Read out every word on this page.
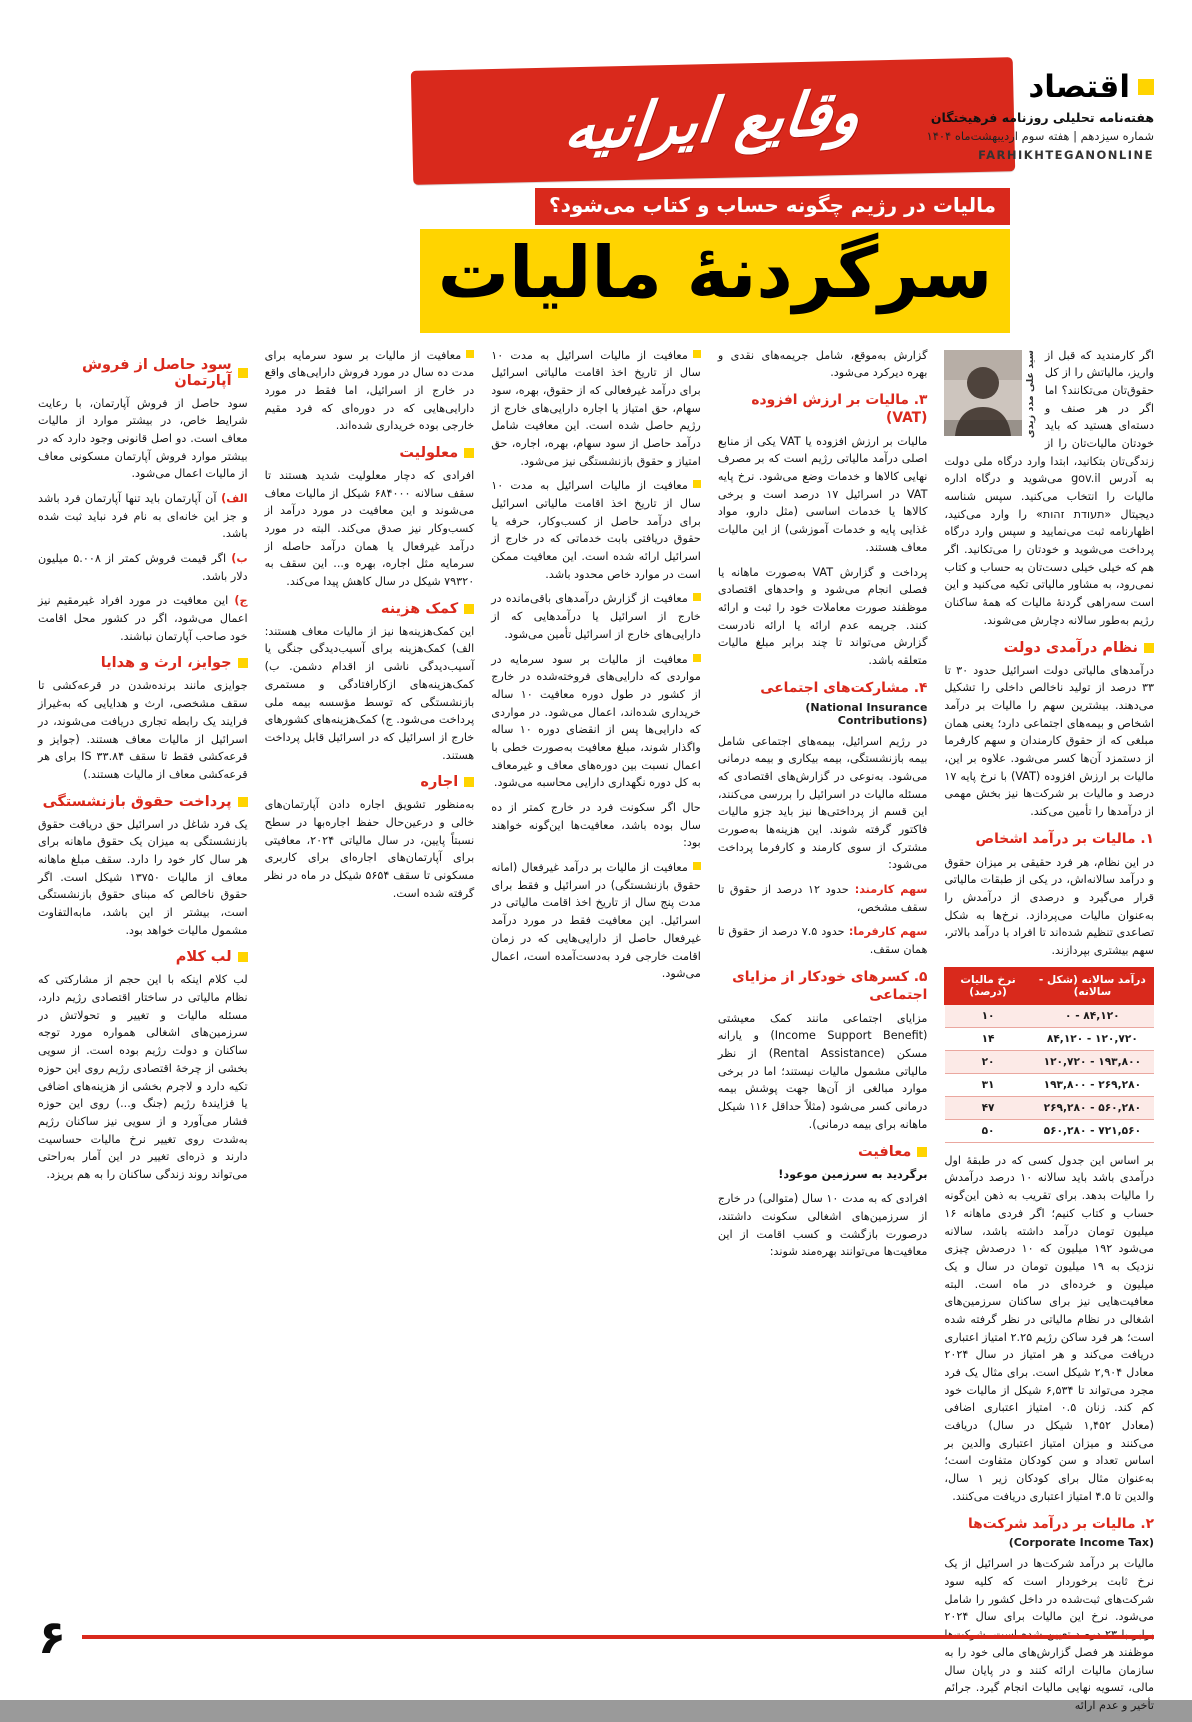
وقایع ایرانیه	اقتصاد
هفته‌نامه تحلیلی روزنامه فرهیختگان
شماره سیزدهم | هفته سوم اردیبهشت‌ماه ۱۴۰۴
FARHIKHTEGANONLINE
مالیات در رژیم چگونه حساب و کتاب می‌شود؟
سرگردنهٔ مالیات

سید علی مدد زیدی اگر کارمندید که قبل از واریز، مالیاتش را از کل حقوق‌تان می‌تکانند؟ اما اگر در هر صنف و دسته‌ای هستید که باید خودتان مالیات‌تان را از زندگی‌تان بتکانید، ابتدا وارد درگاه ملی دولت به آدرس gov.il می‌شوید و درگاه اداره مالیات را انتخاب می‌کنید. سپس شناسه دیجیتال «תעודת זהות» را وارد می‌کنید، اظهارنامه ثبت می‌نمایید و سپس وارد درگاه پرداخت می‌شوید و خودتان را می‌تکانید. اگر هم که خیلی خیلی دست‌تان به حساب و کتاب نمی‌رود، به مشاور مالیاتی تکیه می‌کنید و این است سه‌راهی گردنهٔ مالیات که همهٔ ساکنان رژیم به‌طور سالانه دچارش می‌شوند.

نظام درآمدی دولت

درآمدهای مالیاتی دولت اسرائیل حدود ۳۰ تا ۳۳ درصد از تولید ناخالص داخلی را تشکیل می‌دهند. بیشترین سهم را مالیات بر درآمد اشخاص و بیمه‌های اجتماعی دارد؛ یعنی همان مبلغی که از حقوق کارمندان و سهم کارفرما از دستمزد آن‌ها کسر می‌شود. علاوه بر این، مالیات بر ارزش افزوده (VAT) با نرخ پایه ۱۷ درصد و مالیات بر شرکت‌ها نیز بخش مهمی از درآمدها را تأمین می‌کند.

۱. مالیات بر درآمد اشخاص

در این نظام، هر فرد حقیقی بر میزان حقوق و درآمد سالانه‌اش، در یکی از طبقات مالیاتی قرار می‌گیرد و درصدی از درآمدش را به‌عنوان مالیات می‌پردازد. نرخ‌ها به شکل تصاعدی تنظیم شده‌اند تا افراد با درآمد بالاتر، سهم بیشتری بپردازند.

درآمد سالانه (شکل - سالانه)	نرخ مالیات (درصد)
۸۴,۱۲۰ - ۰	۱۰
۱۲۰,۷۲۰ - ۸۴,۱۲۰	۱۴
۱۹۳,۸۰۰ - ۱۲۰,۷۲۰	۲۰
۲۶۹,۲۸۰ - ۱۹۳,۸۰۰	۳۱
۵۶۰,۲۸۰ - ۲۶۹,۲۸۰	۴۷
۷۲۱,۵۶۰ - ۵۶۰,۲۸۰	۵۰

بر اساس این جدول کسی که در طبقهٔ اول درآمدی باشد باید سالانه ۱۰ درصد درآمدش را مالیات بدهد. برای تقریب به ذهن این‌گونه حساب و کتاب کنیم؛ اگر فردی ماهانه ۱۶ میلیون تومان درآمد داشته باشد، سالانه می‌شود ۱۹۲ میلیون که ۱۰ درصدش چیزی نزدیک به ۱۹ میلیون تومان در سال و یک میلیون و خرده‌ای در ماه است. البته معافیت‌هایی نیز برای ساکنان سرزمین‌های اشغالی در نظام مالیاتی در نظر گرفته شده است؛ هر فرد ساکن رژیم ۲.۲۵ امتیاز اعتباری دریافت می‌کند و هر امتیاز در سال ۲۰۲۴ معادل ۲,۹۰۴ شیکل است. برای مثال یک فرد مجرد می‌تواند تا ۶,۵۳۴ شیکل از مالیات خود کم کند. زنان ۰.۵ امتیاز اعتباری اضافی (معادل ۱,۴۵۲ شیکل در سال) دریافت می‌کنند و میزان امتیاز اعتباری والدین بر اساس تعداد و سن کودکان متفاوت است؛ به‌عنوان مثال برای کودکان زیر ۱ سال، والدین تا ۴.۵ امتیاز اعتباری دریافت می‌کنند.

۲. مالیات بر درآمد شرکت‌ها
(Corporate Income Tax)

مالیات بر درآمد شرکت‌ها در اسرائیل از یک نرخ ثابت برخوردار است که کلیه سود شرکت‌های ثبت‌شده در داخل کشور را شامل می‌شود. نرخ این مالیات برای سال ۲۰۲۴ موظفند هر فصل گزارش‌های مالی خود را به سازمان مالیات ارائه کنند و در پایان سال مالی، تسویه نهایی مالیات انجام گیرد. جرائم تأخیر و عدم ارائه

گزارش به‌موقع، شامل جریمه‌های نقدی و بهره دیرکرد می‌شود.

۳. مالیات بر ارزش افزوده (VAT)

مالیات بر ارزش افزوده یا VAT یکی از منابع اصلی درآمد مالیاتی رژیم است که بر مصرف نهایی کالاها و خدمات وضع می‌شود. نرخ پایه VAT در اسرائیل ۱۷ درصد است و برخی کالاها یا خدمات اساسی (مثل دارو، مواد غذایی پایه و خدمات آموزشی) از این مالیات معاف هستند.

پرداخت و گزارش VAT به‌صورت ماهانه یا فصلی انجام می‌شود و واحدهای اقتصادی موظفند صورت معاملات خود را ثبت و ارائه کنند. جریمه عدم ارائه یا ارائه نادرست گزارش می‌تواند تا چند برابر مبلغ مالیات متعلقه باشد.

۴. مشارکت‌های اجتماعی
(National Insurance Contributions)

در رژیم اسرائیل، بیمه‌های اجتماعی شامل بیمه بازنشستگی، بیمه بیکاری و بیمه درمانی می‌شود. به‌نوعی در گزارش‌های اقتصادی که مسئله مالیات در اسرائیل را بررسی می‌کنند، این قسم از پرداختی‌ها نیز باید جزو مالیات فاکتور گرفته شوند. این هزینه‌ها به‌صورت مشترک از سوی کارمند و کارفرما پرداخت می‌شود:

سهم کارمند: حدود ۱۲ درصد از حقوق تا سقف مشخص،

سهم کارفرما: حدود ۷.۵ درصد از حقوق تا همان سقف.

۵. کسرهای خودکار از مزایای اجتماعی

مزایای اجتماعی مانند کمک معیشتی (Income Support Benefit) و یارانه مسکن (Rental Assistance) از نظر مالیاتی مشمول مالیات نیستند؛ اما در برخی موارد مبالغی از آن‌ها جهت پوشش بیمه درمانی کسر می‌شود (مثلاً حداقل ۱۱۶ شیکل ماهانه برای بیمه درمانی).

معافیت

برگردید به سرزمین موعود!

افرادی که به مدت ۱۰ سال (متوالی) در خارج از سرزمین‌های اشغالی سکونت داشتند، درصورت بازگشت و کسب اقامت از این معافیت‌ها می‌توانند بهره‌مند شوند:

معافیت از مالیات اسرائیل به مدت ۱۰ سال از تاریخ اخذ اقامت مالیاتی اسرائیل برای درآمد غیرفعالی که از حقوق، بهره، سود سهام، حق امتیاز یا اجاره دارایی‌های خارج از رژیم حاصل شده است. این معافیت شامل درآمد حاصل از سود سهام، بهره، اجاره، حق امتیاز و حقوق بازنشستگی نیز می‌شود.

معافیت از مالیات اسرائیل به مدت ۱۰ سال از تاریخ اخذ اقامت مالیاتی اسرائیل برای درآمد حاصل از کسب‌وکار، حرفه یا حقوق دریافتی بابت خدماتی که در خارج از اسرائیل ارائه شده است. این معافیت ممکن است در موارد خاص محدود باشد.

معافیت از گزارش درآمدهای باقی‌مانده در خارج از اسرائیل یا درآمدهایی که از دارایی‌های خارج از اسرائیل تأمین می‌شود.

معافیت از مالیات بر سود سرمایه در مواردی که دارایی‌های فروخته‌شده در خارج از کشور در طول دوره معافیت ۱۰ ساله خریداری شده‌اند، اعمال می‌شود. در مواردی که دارایی‌ها پس از انقضای دوره ۱۰ ساله واگذار شوند، مبلغ معافیت به‌صورت خطی با اعمال نسبت بین دوره‌های معاف و غیرمعاف به کل دوره نگهداری دارایی محاسبه می‌شود.

حال اگر سکونت فرد در خارج کمتر از ده سال بوده باشد، معافیت‌ها این‌گونه خواهند بود:

معافیت از مالیات بر درآمد غیرفعال (امانه حقوق بازنشستگی) در اسرائیل و فقط برای مدت پنج سال از تاریخ اخذ اقامت مالیاتی در اسرائیل. این معافیت فقط در مورد درآمد غیرفعال حاصل از دارایی‌هایی که در زمان اقامت خارجی فرد به‌دست‌آمده است، اعمال می‌شود.

معافیت از مالیات بر سود سرمایه برای مدت ده سال در مورد فروش دارایی‌های واقع در خارج از اسرائیل، اما فقط در مورد دارایی‌هایی که در دوره‌ای که فرد مقیم خارجی بوده خریداری شده‌اند.

معلولیت

افرادی که دچار معلولیت شدید هستند تا سقف سالانه ۶۸۴۰۰۰ شیکل از مالیات معاف می‌شوند و این معافیت در مورد درآمد از کسب‌وکار نیز صدق می‌کند. البته در مورد درآمد غیرفعال یا همان درآمد حاصله از سرمایه مثل اجاره، بهره و... این سقف به ۷۹۳۲۰ شیکل در سال کاهش پیدا می‌کند.

کمک هزینه

این کمک‌هزینه‌ها نیز از مالیات معاف هستند: الف) کمک‌هزینه برای آسیب‌دیدگی جنگی یا آسیب‌دیدگی ناشی از اقدام دشمن. ب) کمک‌هزینه‌های ازکارافتادگی و مستمری بازنشستگی که توسط مؤسسه بیمه ملی پرداخت می‌شود. ج) کمک‌هزینه‌های کشورهای خارج از اسرائیل که در اسرائیل قابل پرداخت هستند.

اجاره

به‌منظور تشویق اجاره دادن آپارتمان‌های خالی و درعین‌حال حفظ اجاره‌بها در سطح نسبتاً پایین، در سال مالیاتی ۲۰۲۴، معافیتی برای آپارتمان‌های اجاره‌ای برای کاربری مسکونی تا سقف ۵۶۵۴ شیکل در ماه در نظر گرفته شده است.

سود حاصل از فروش آپارتمان

سود حاصل از فروش آپارتمان، با رعایت شرایط خاص، در بیشتر موارد از مالیات معاف است. دو اصل قانونی وجود دارد که در بیشتر موارد فروش آپارتمان مسکونی معاف از مالیات اعمال می‌شود.

الف) آن آپارتمان باید تنها آپارتمان فرد باشد و جز این خانه‌ای به نام فرد نباید ثبت شده باشد.

ب) اگر قیمت فروش کمتر از ۵.۰۰۸ میلیون دلار باشد.

ج) این معافیت در مورد افراد غیرمقیم نیز اعمال می‌شود، اگر در کشور محل اقامت خود صاحب آپارتمان نباشند.

جوایز، ارث و هدایا

جوایزی مانند برنده‌شدن در قرعه‌کشی تا سقف مشخصی، ارث و هدایایی که به‌غیراز فرایند یک رابطه تجاری دریافت می‌شوند، در اسرائیل از مالیات معاف هستند. (جوایز و قرعه‌کشی فقط تا سقف ۳۳.۸۴ IS برای هر قرعه‌کشی معاف از مالیات هستند.)

پرداخت حقوق بازنشستگی

یک فرد شاغل در اسرائیل حق دریافت حقوق بازنشستگی به میزان یک حقوق ماهانه برای هر سال کار خود را دارد. سقف مبلغ ماهانه معاف از مالیات ۱۳۷۵۰ شیکل است. اگر حقوق ناخالص که مبنای حقوق بازنشستگی است، بیشتر از این باشد، مابه‌التفاوت مشمول مالیات خواهد بود.

لب کلام

لب کلام اینکه با این حجم از مشارکتی که نظام مالیاتی در ساختار اقتصادی رژیم دارد، مسئله مالیات و تغییر و تحولاتش در سرزمین‌های اشغالی همواره مورد توجه ساکنان و دولت رژیم بوده است. از سویی بخشی از چرخهٔ اقتصادی رژیم روی این حوزه تکیه دارد و لاجرم بخشی از هزینه‌های اضافی یا فزایندهٔ رژیم (جنگ و...) روی این حوزه فشار می‌آورد و از سویی نیز ساکنان رژیم به‌شدت روی تغییر نرخ مالیات حساسیت دارند و ذره‌ای تغییر در این آمار به‌راحتی می‌تواند روند زندگی ساکنان را به هم بریزد.

۶
